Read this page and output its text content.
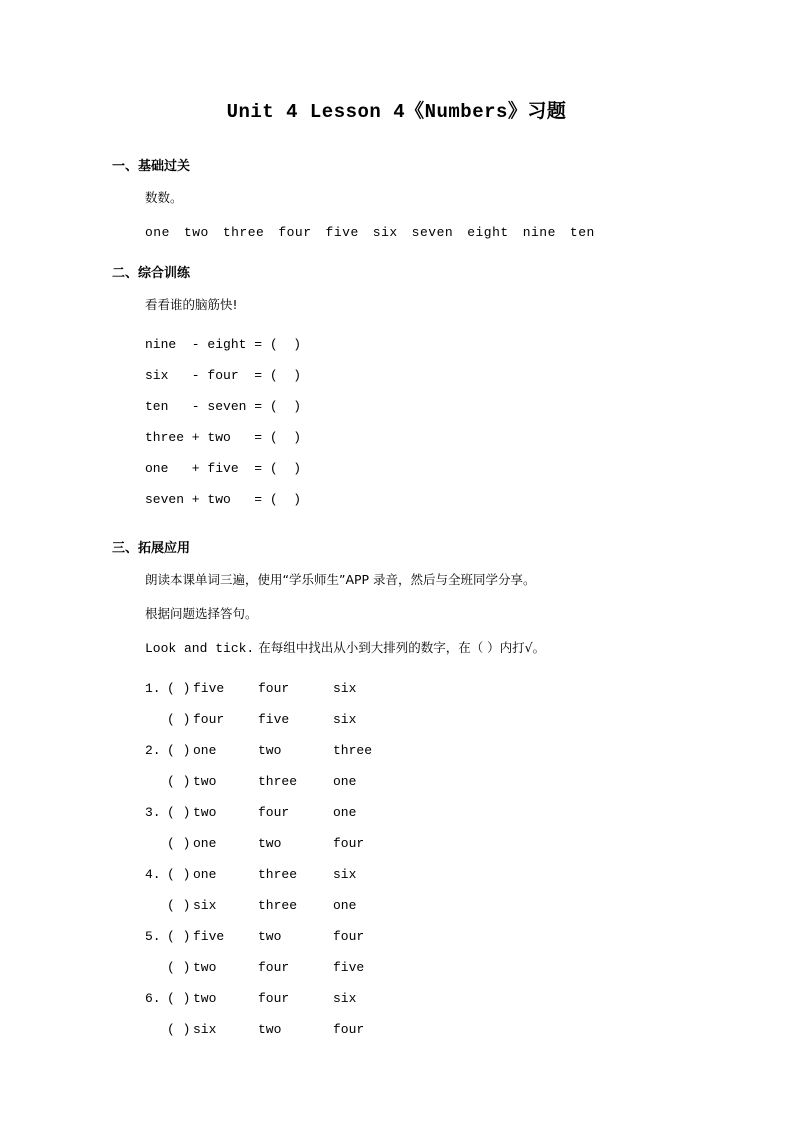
Unit 4 Lesson 4《Numbers》习题
一、基础过关
数数。
one two three four five six seven eight nine ten
二、综合训练
看看谁的脑筋快!
nine  - eight = (  )
six   - four  = (  )
ten   - seven = (  )
three + two   = (  )
one   + five  = (  )
seven + two   = (  )
三、拓展应用
朗读本课单词三遍，使用“学乐师生”APP 录音，然后与全班同学分享。
根据问题选择答句。
Look and tick. 在每组中找出从小到大排列的数字，在（ ）内打√。
1. ( ) five	four	six
( ) four	five	six
2. ( ) one	two	three
( ) two	three	one
3. ( ) two	four	one
( ) one	two	four
4. ( ) one	three	six
( ) six	three	one
5. ( ) five	two	four
( ) two	four	five
6. ( ) two	four	six
( ) six	two	four
